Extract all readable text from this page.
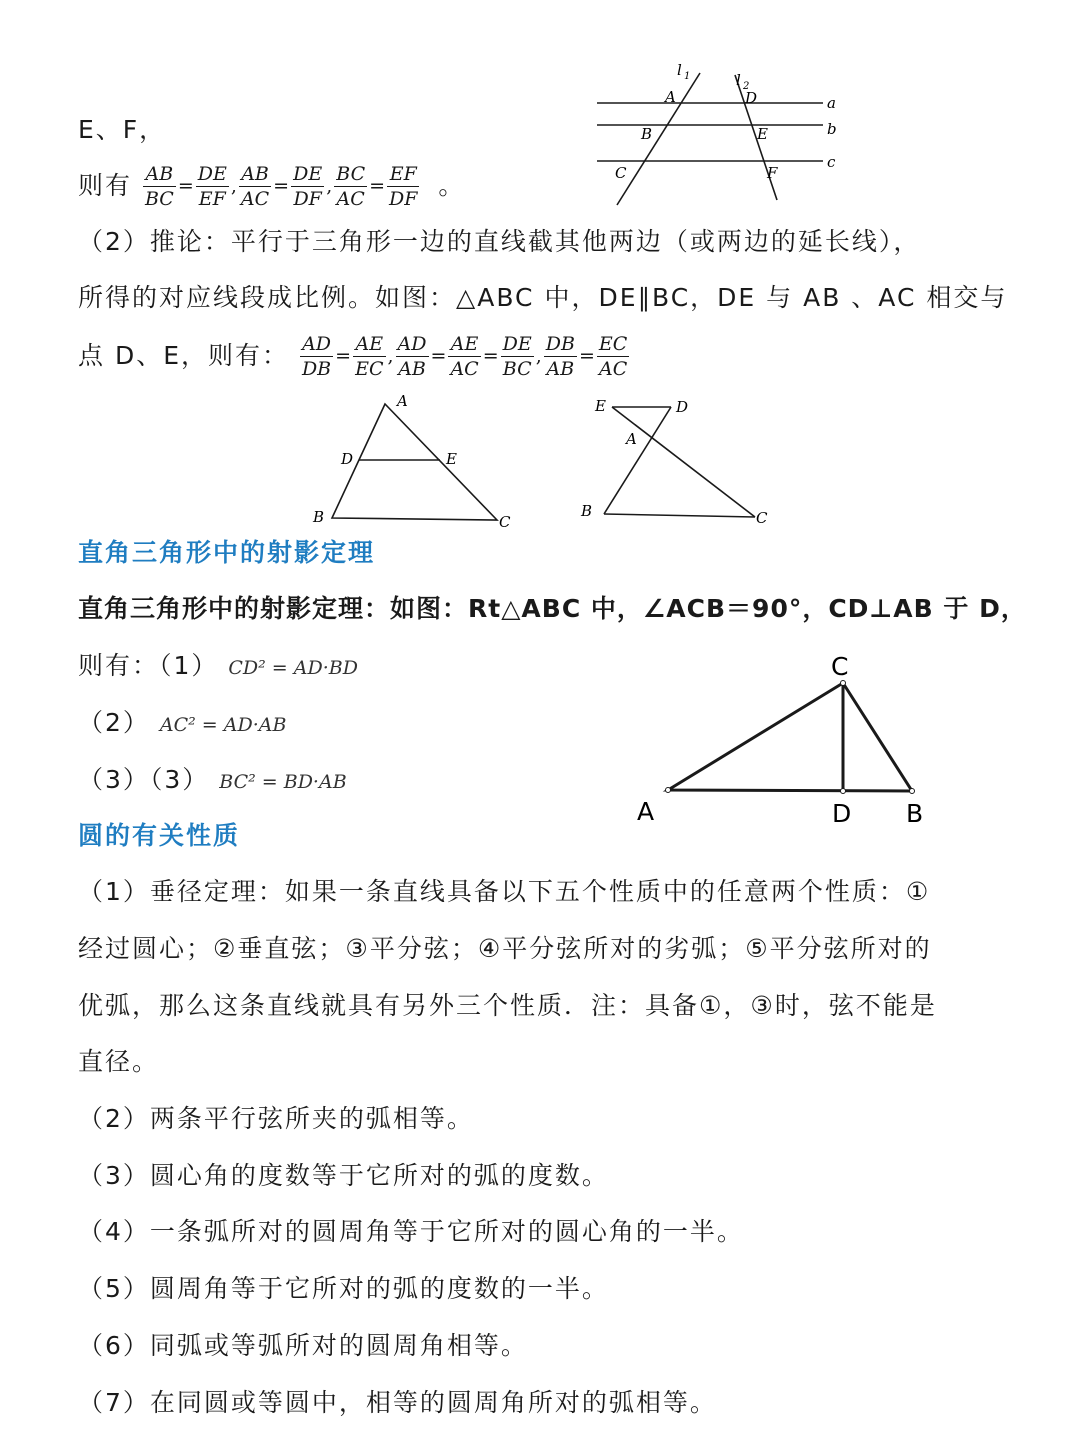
E、F，
则有 $\frac{AB}{BC} = \frac{DE}{EF}$ , $\frac{AB}{AC} = \frac{DE}{DF}$ , $\frac{BC}{AC} = \frac{EF}{DF}$ 。
l 1	l 2
A	D
B	E
C	F
a
b
c
（2）推论：平行于三角形一边的直线截其他两边（或两边的延长线），
所得的对应线段成比例。如图：△ABC 中，DE∥BC，DE 与 AB 、AC 相交与
点 D、E，则有： $\frac{AD}{DB} = \frac{AE}{EC}$ , $\frac{AD}{AB} = \frac{AE}{AC} = \frac{DE}{BC}$ , $\frac{DB}{AB} = \frac{EC}{AC}$
A
D	E
B	C
E	D
A
B	C
直角三角形中的射影定理
直角三角形中的射影定理：如图：Rt△ABC 中，∠ACB＝90°，CD⊥AB 于 D，
则有：（1） CD² = AD·BD
（2） AC² = AD·AB
（3）（3） BC² = BD·AB
C
A	D B
圆的有关性质
（1）垂径定理：如果一条直线具备以下五个性质中的任意两个性质：①
经过圆心；②垂直弦；③平分弦；④平分弦所对的劣弧；⑤平分弦所对的
优弧，那么这条直线就具有另外三个性质．注：具备①，③时，弦不能是
直径。
（2）两条平行弦所夹的弧相等。
（3）圆心角的度数等于它所对的弧的度数。
（4）一条弧所对的圆周角等于它所对的圆心角的一半。
（5）圆周角等于它所对的弧的度数的一半。
（6）同弧或等弧所对的圆周角相等。
（7）在同圆或等圆中，相等的圆周角所对的弧相等。
